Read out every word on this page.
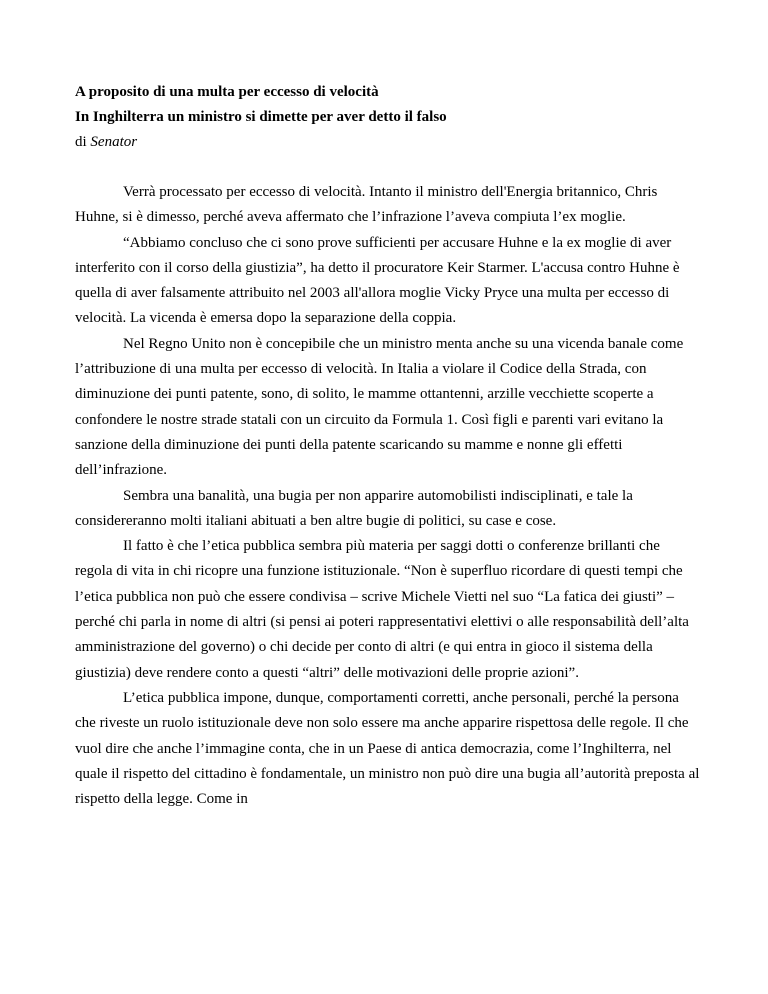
A proposito di una multa per eccesso di velocità

In Inghilterra un ministro si dimette per aver detto il falso

di Senator

Verrà processato per eccesso di velocità. Intanto il ministro dell'Energia britannico, Chris Huhne, si è dimesso, perché aveva affermato che l’infrazione l’aveva compiuta l’ex moglie.

“Abbiamo concluso che ci sono prove sufficienti per accusare Huhne e la ex moglie di aver interferito con il corso della giustizia”, ha detto il procuratore Keir Starmer. L'accusa contro Huhne è quella di aver falsamente attribuito nel 2003 all'allora moglie Vicky Pryce una multa per eccesso di velocità. La vicenda è emersa dopo la separazione della coppia.

Nel Regno Unito non è concepibile che un ministro menta anche su una vicenda banale come l’attribuzione di una multa per eccesso di velocità. In Italia a violare il Codice della Strada, con diminuzione dei punti patente, sono, di solito, le mamme ottantenni, arzille vecchiette scoperte a confondere le nostre strade statali con un circuito da Formula 1. Così figli e parenti vari evitano la sanzione della diminuzione dei punti della patente scaricando su mamme e nonne gli effetti dell’infrazione.

Sembra una banalità, una bugia per non apparire automobilisti indisciplinati, e tale la considereranno molti italiani abituati a ben altre bugie di politici, su case e cose.

Il fatto è che l’etica pubblica sembra più materia per saggi dotti o conferenze brillanti che regola di vita in chi ricopre una funzione istituzionale. “Non è superfluo ricordare di questi tempi che l’etica pubblica non può che essere condivisa – scrive Michele Vietti nel suo “La fatica dei giusti” – perché chi parla in nome di altri (si pensi ai poteri rappresentativi elettivi o alle responsabilità dell’alta amministrazione del governo) o chi decide per conto di altri (e qui entra in gioco il sistema della giustizia) deve rendere conto a questi “altri” delle motivazioni delle proprie azioni”.

L’etica pubblica impone, dunque, comportamenti corretti, anche personali, perché la persona che riveste un ruolo istituzionale deve non solo essere ma anche apparire rispettosa delle regole. Il che vuol dire che anche l’immagine conta, che in un Paese di antica democrazia, come l’Inghilterra, nel quale il rispetto del cittadino è fondamentale, un ministro non può dire una bugia all’autorità preposta al rispetto della legge. Come in
